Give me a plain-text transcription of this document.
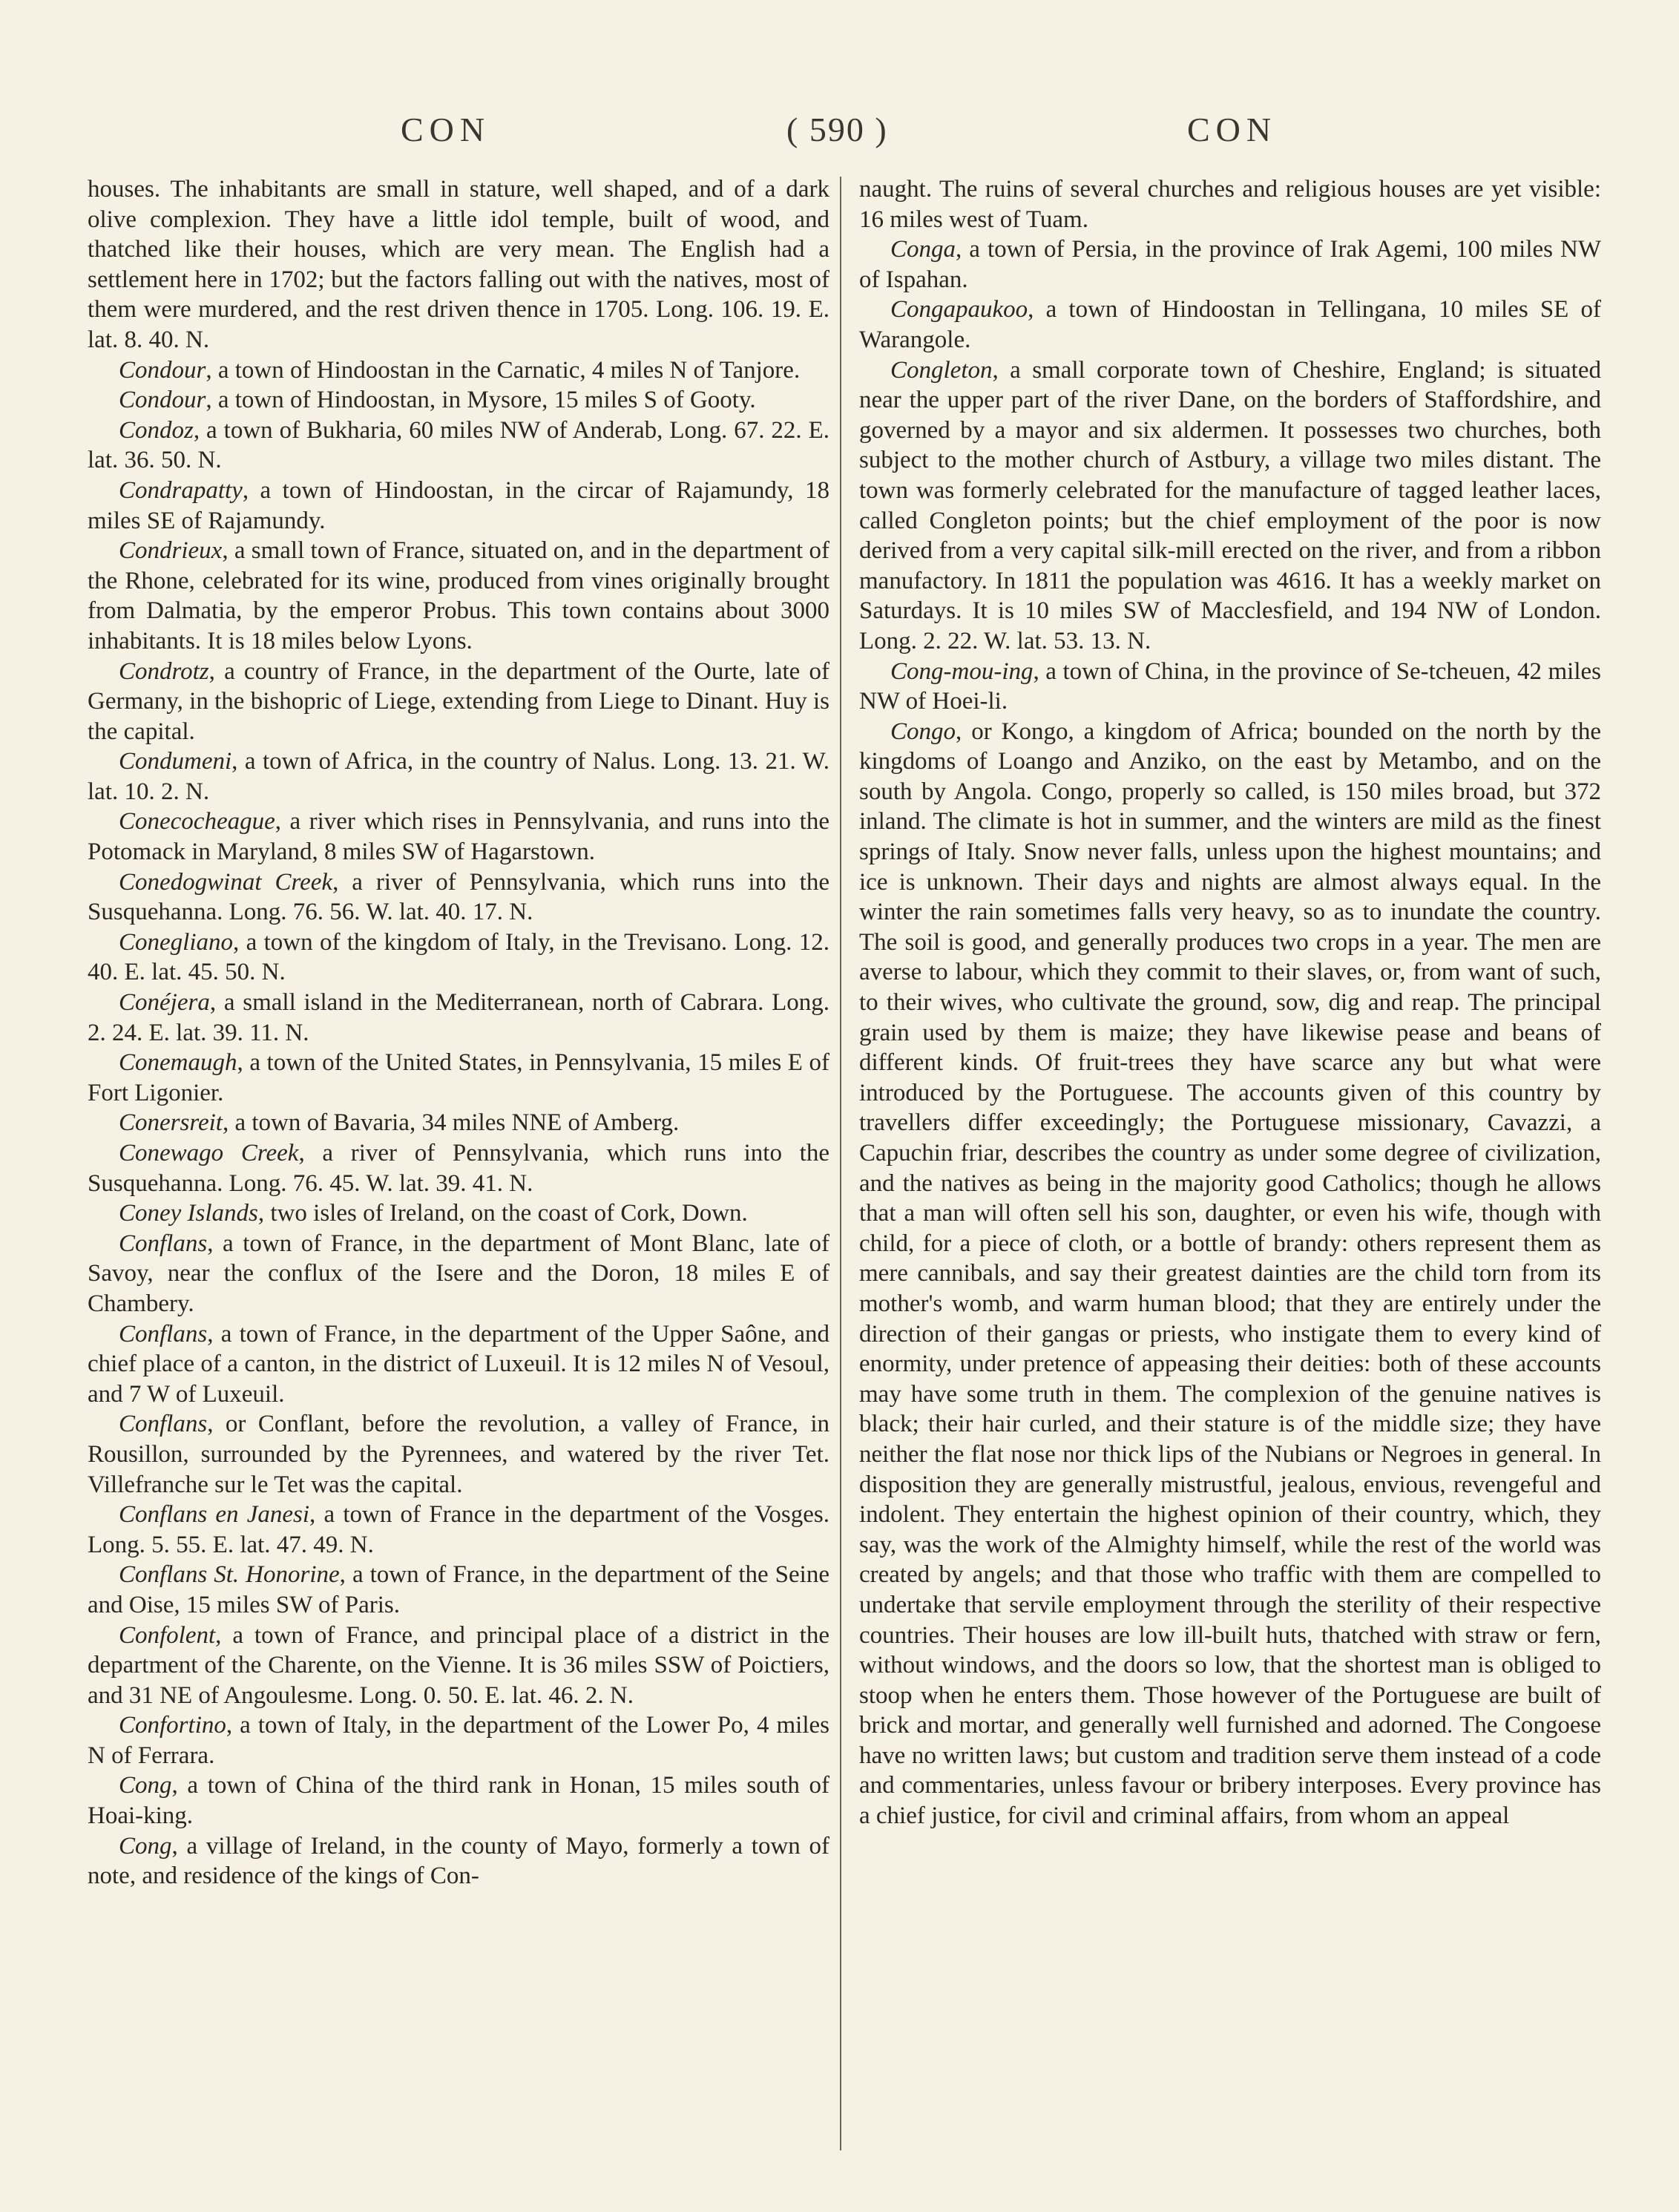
CON	( 590 )	CON

houses. The inhabitants are small in stature, well shaped, and of a dark olive complexion. They have a little idol temple, built of wood, and thatched like their houses, which are very mean. The English had a settlement here in 1702; but the factors falling out with the natives, most of them were murdered, and the rest driven thence in 1705. Long. 106. 19. E. lat. 8. 40. N.

Condour, a town of Hindoostan in the Carnatic, 4 miles N of Tanjore.

Condour, a town of Hindoostan, in Mysore, 15 miles S of Gooty.

Condoz, a town of Bukharia, 60 miles NW of Anderab, Long. 67. 22. E. lat. 36. 50. N.

Condrapatty, a town of Hindoostan, in the circar of Rajamundy, 18 miles SE of Rajamundy.

Condrieux, a small town of France, situated on, and in the department of the Rhone, celebrated for its wine, produced from vines originally brought from Dalmatia, by the emperor Probus. This town contains about 3000 inhabitants. It is 18 miles below Lyons.

Condrotz, a country of France, in the department of the Ourte, late of Germany, in the bishopric of Liege, extending from Liege to Dinant. Huy is the capital.

Condumeni, a town of Africa, in the country of Nalus. Long. 13. 21. W. lat. 10. 2. N.

Conecocheague, a river which rises in Pennsylvania, and runs into the Potomack in Maryland, 8 miles SW of Hagarstown.

Conedogwinat Creek, a river of Pennsylvania, which runs into the Susquehanna. Long. 76. 56. W. lat. 40. 17. N.

Conegliano, a town of the kingdom of Italy, in the Trevisano. Long. 12. 40. E. lat. 45. 50. N.

Conéjera, a small island in the Mediterranean, north of Cabrara. Long. 2. 24. E. lat. 39. 11. N.

Conemaugh, a town of the United States, in Pennsylvania, 15 miles E of Fort Ligonier.

Conersreit, a town of Bavaria, 34 miles NNE of Amberg.

Conewago Creek, a river of Pennsylvania, which runs into the Susquehanna. Long. 76. 45. W. lat. 39. 41. N.

Coney Islands, two isles of Ireland, on the coast of Cork, Down.

Conflans, a town of France, in the department of Mont Blanc, late of Savoy, near the conflux of the Isere and the Doron, 18 miles E of Chambery.

Conflans, a town of France, in the department of the Upper Saône, and chief place of a canton, in the district of Luxeuil. It is 12 miles N of Vesoul, and 7 W of Luxeuil.

Conflans, or Conflant, before the revolution, a valley of France, in Rousillon, surrounded by the Pyrennees, and watered by the river Tet. Villefranche sur le Tet was the capital.

Conflans en Janesi, a town of France in the department of the Vosges. Long. 5. 55. E. lat. 47. 49. N.

Conflans St. Honorine, a town of France, in the department of the Seine and Oise, 15 miles SW of Paris.

Confolent, a town of France, and principal place of a district in the department of the Charente, on the Vienne. It is 36 miles SSW of Poictiers, and 31 NE of Angoulesme. Long. 0. 50. E. lat. 46. 2. N.

Confortino, a town of Italy, in the department of the Lower Po, 4 miles N of Ferrara.

Cong, a town of China of the third rank in Honan, 15 miles south of Hoai-king.

Cong, a village of Ireland, in the county of Mayo, formerly a town of note, and residence of the kings of Con-

naught. The ruins of several churches and religious houses are yet visible: 16 miles west of Tuam.

Conga, a town of Persia, in the province of Irak Agemi, 100 miles NW of Ispahan.

Congapaukoo, a town of Hindoostan in Tellingana, 10 miles SE of Warangole.

Congleton, a small corporate town of Cheshire, England; is situated near the upper part of the river Dane, on the borders of Staffordshire, and governed by a mayor and six aldermen. It possesses two churches, both subject to the mother church of Astbury, a village two miles distant. The town was formerly celebrated for the manufacture of tagged leather laces, called Congleton points; but the chief employment of the poor is now derived from a very capital silk-mill erected on the river, and from a ribbon manufactory. In 1811 the population was 4616. It has a weekly market on Saturdays. It is 10 miles SW of Macclesfield, and 194 NW of London. Long. 2. 22. W. lat. 53. 13. N.

Cong-mou-ing, a town of China, in the province of Se-tcheuen, 42 miles NW of Hoei-li.

Congo, or Kongo, a kingdom of Africa; bounded on the north by the kingdoms of Loango and Anziko, on the east by Metambo, and on the south by Angola. Congo, properly so called, is 150 miles broad, but 372 inland. The climate is hot in summer, and the winters are mild as the finest springs of Italy. Snow never falls, unless upon the highest mountains; and ice is unknown. Their days and nights are almost always equal. In the winter the rain sometimes falls very heavy, so as to inundate the country. The soil is good, and generally produces two crops in a year. The men are averse to labour, which they commit to their slaves, or, from want of such, to their wives, who cultivate the ground, sow, dig and reap. The principal grain used by them is maize; they have likewise pease and beans of different kinds. Of fruit-trees they have scarce any but what were introduced by the Portuguese. The accounts given of this country by travellers differ exceedingly; the Portuguese missionary, Cavazzi, a Capuchin friar, describes the country as under some degree of civilization, and the natives as being in the majority good Catholics; though he allows that a man will often sell his son, daughter, or even his wife, though with child, for a piece of cloth, or a bottle of brandy: others represent them as mere cannibals, and say their greatest dainties are the child torn from its mother's womb, and warm human blood; that they are entirely under the direction of their gangas or priests, who instigate them to every kind of enormity, under pretence of appeasing their deities: both of these accounts may have some truth in them. The complexion of the genuine natives is black; their hair curled, and their stature is of the middle size; they have neither the flat nose nor thick lips of the Nubians or Negroes in general. In disposition they are generally mistrustful, jealous, envious, revengeful and indolent. They entertain the highest opinion of their country, which, they say, was the work of the Almighty himself, while the rest of the world was created by angels; and that those who traffic with them are compelled to undertake that servile employment through the sterility of their respective countries. Their houses are low ill-built huts, thatched with straw or fern, without windows, and the doors so low, that the shortest man is obliged to stoop when he enters them. Those however of the Portuguese are built of brick and mortar, and generally well furnished and adorned. The Congoese have no written laws; but custom and tradition serve them instead of a code and commentaries, unless favour or bribery interposes. Every province has a chief justice, for civil and criminal affairs, from whom an appeal
